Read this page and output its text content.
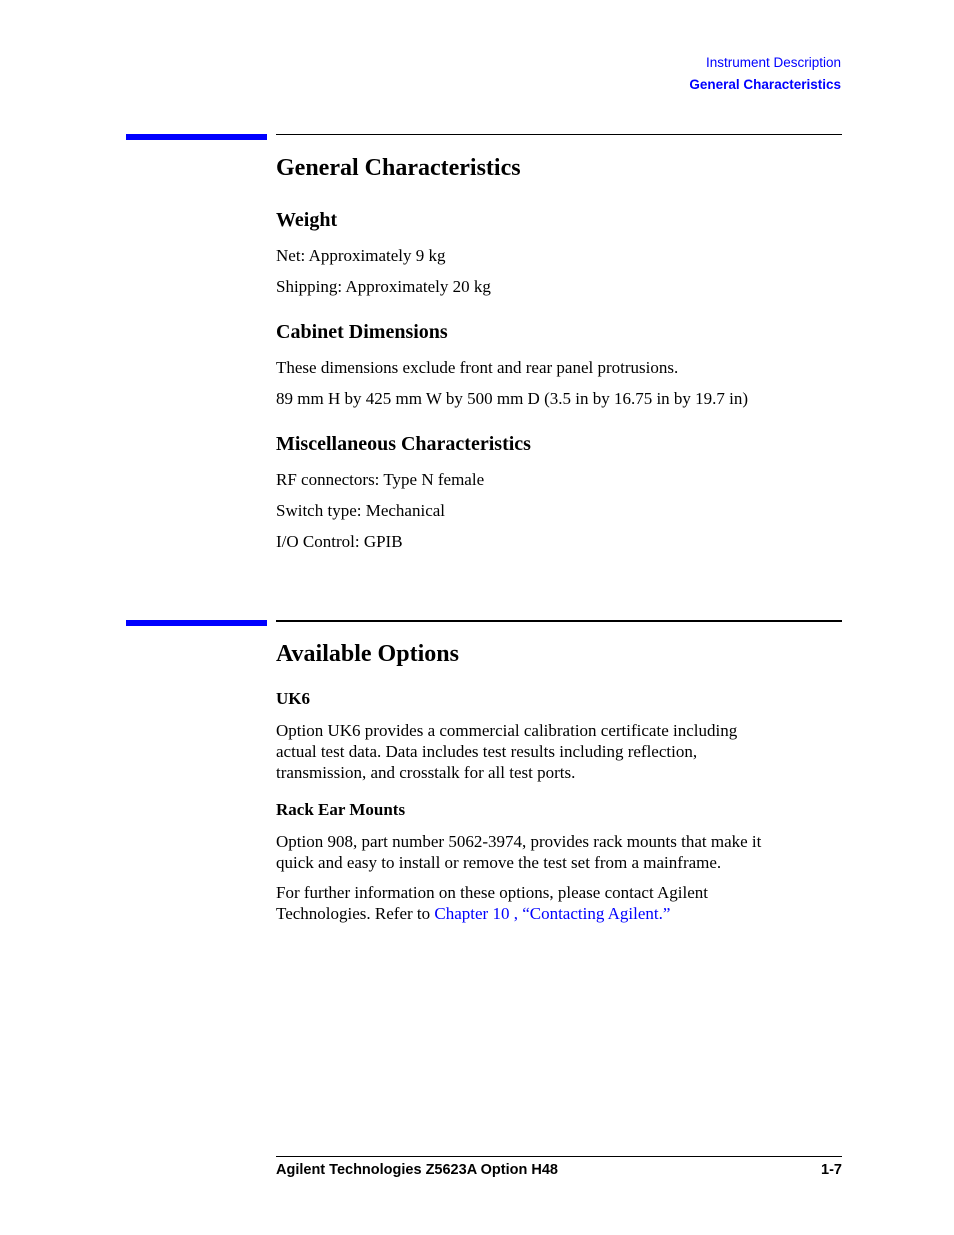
Instrument Description
General Characteristics
General Characteristics
Weight

Net: Approximately 9 kg

Shipping: Approximately 20 kg

Cabinet Dimensions

These dimensions exclude front and rear panel protrusions.

89 mm H by 425 mm W by 500 mm D (3.5 in by 16.75 in by 19.7 in)

Miscellaneous Characteristics

RF connectors: Type N female

Switch type: Mechanical

I/O Control: GPIB

Available Options
UK6

Option UK6 provides a commercial calibration certificate including

actual test data. Data includes test results including reflection,

transmission, and crosstalk for all test ports.

Rack Ear Mounts

Option 908, part number 5062-3974, provides rack mounts that make it

quick and easy to install or remove the test set from a mainframe.

For further information on these options, please contact Agilent

Technologies. Refer to Chapter 10 , “Contacting Agilent.”

Agilent Technologies Z5623A Option H48	1-7
